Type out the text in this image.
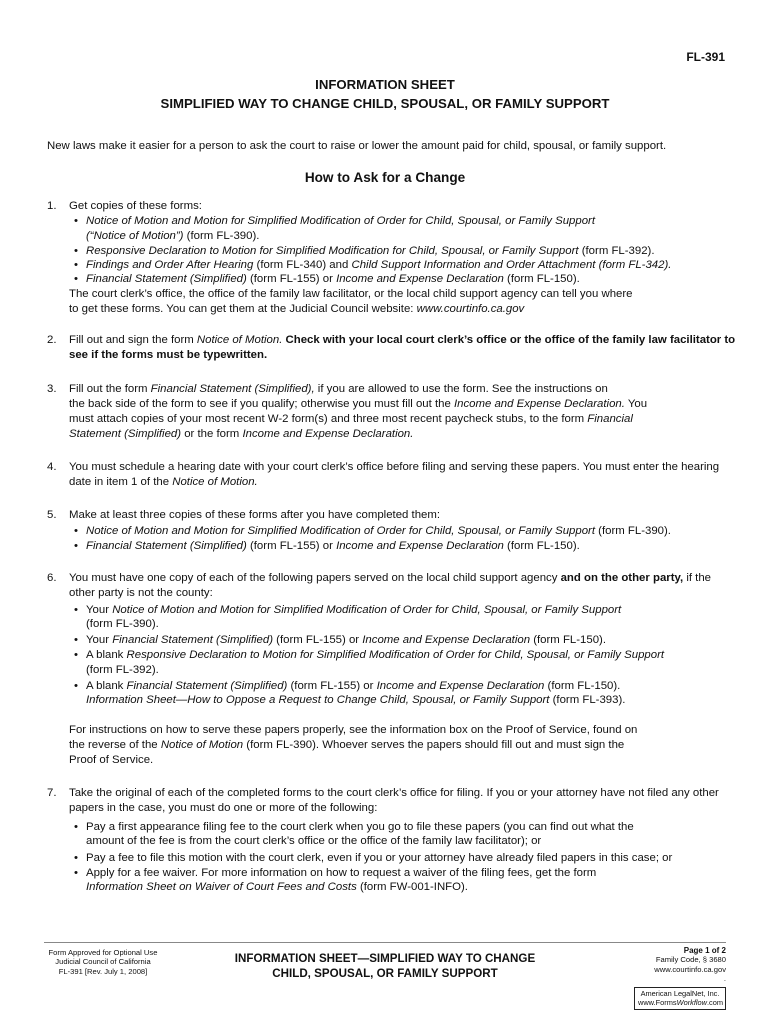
FL-391
INFORMATION SHEET
SIMPLIFIED WAY TO CHANGE CHILD, SPOUSAL, OR FAMILY SUPPORT
New laws make it easier for a person to ask the court to raise or lower the amount paid for child, spousal, or family support.
How to Ask for a Change
1. Get copies of these forms:
• Notice of Motion and Motion for Simplified Modification of Order for Child, Spousal, or Family Support
(“Notice of Motion”) (form FL-390).
• Responsive Declaration to Motion for Simplified Modification for Child, Spousal, or Family Support (form FL-392).
• Findings and Order After Hearing (form FL-340) and Child Support Information and Order Attachment (form FL-342).
• Financial Statement (Simplified) (form FL-155) or Income and Expense Declaration (form FL-150).
The court clerk’s office, the office of the family law facilitator, or the local child support agency can tell you where
to get these forms. You can get them at the Judicial Council website: www.courtinfo.ca.gov
2. Fill out and sign the form Notice of Motion. Check with your local court clerk’s office or the office of the family law facilitator to see if the forms must be typewritten.
3. Fill out the form Financial Statement (Simplified), if you are allowed to use the form. See the instructions on
the back side of the form to see if you qualify; otherwise you must fill out the Income and Expense Declaration. You
must attach copies of your most recent W-2 form(s) and three most recent paycheck stubs, to the form Financial
Statement (Simplified) or the form Income and Expense Declaration.
4. You must schedule a hearing date with your court clerk’s office before filing and serving these papers. You must enter the hearing date in item 1 of the Notice of Motion.
5. Make at least three copies of these forms after you have completed them:
• Notice of Motion and Motion for Simplified Modification of Order for Child, Spousal, or Family Support (form FL-390).
• Financial Statement (Simplified) (form FL-155) or Income and Expense Declaration (form FL-150).
6. You must have one copy of each of the following papers served on the local child support agency and on the other party, if the other party is not the county:
• Your Notice of Motion and Motion for Simplified Modification of Order for Child, Spousal, or Family Support
(form FL-390).
• Your Financial Statement (Simplified) (form FL-155) or Income and Expense Declaration (form FL-150).
• A blank Responsive Declaration to Motion for Simplified Modification of Order for Child, Spousal, or Family Support
(form FL-392).
• A blank Financial Statement (Simplified) (form FL-155) or Income and Expense Declaration (form FL-150).
Information Sheet—How to Oppose a Request to Change Child, Spousal, or Family Support (form FL-393).
For instructions on how to serve these papers properly, see the information box on the Proof of Service, found on
the reverse of the Notice of Motion (form FL-390). Whoever serves the papers should fill out and must sign the
Proof of Service.
7. Take the original of each of the completed forms to the court clerk’s office for filing. If you or your attorney have not filed any other papers in the case, you must do one or more of the following:
• Pay a first appearance filing fee to the court clerk when you go to file these papers (you can find out what the
amount of the fee is from the court clerk’s office or the office of the family law facilitator); or
• Pay a fee to file this motion with the court clerk, even if you or your attorney have already filed papers in this case; or
• Apply for a fee waiver. For more information on how to request a waiver of the filing fees, get the form
Information Sheet on Waiver of Court Fees and Costs (form FW-001-INFO).
Form Approved for Optional Use
Judicial Council of California
FL-391 [Rev. July 1, 2008]
INFORMATION SHEET—SIMPLIFIED WAY TO CHANGE
CHILD, SPOUSAL, OR FAMILY SUPPORT
Page 1 of 2
Family Code, § 3680
www.courtinfo.ca.gov
.
American LegalNet, Inc.
www.FormsWorkflow.com
